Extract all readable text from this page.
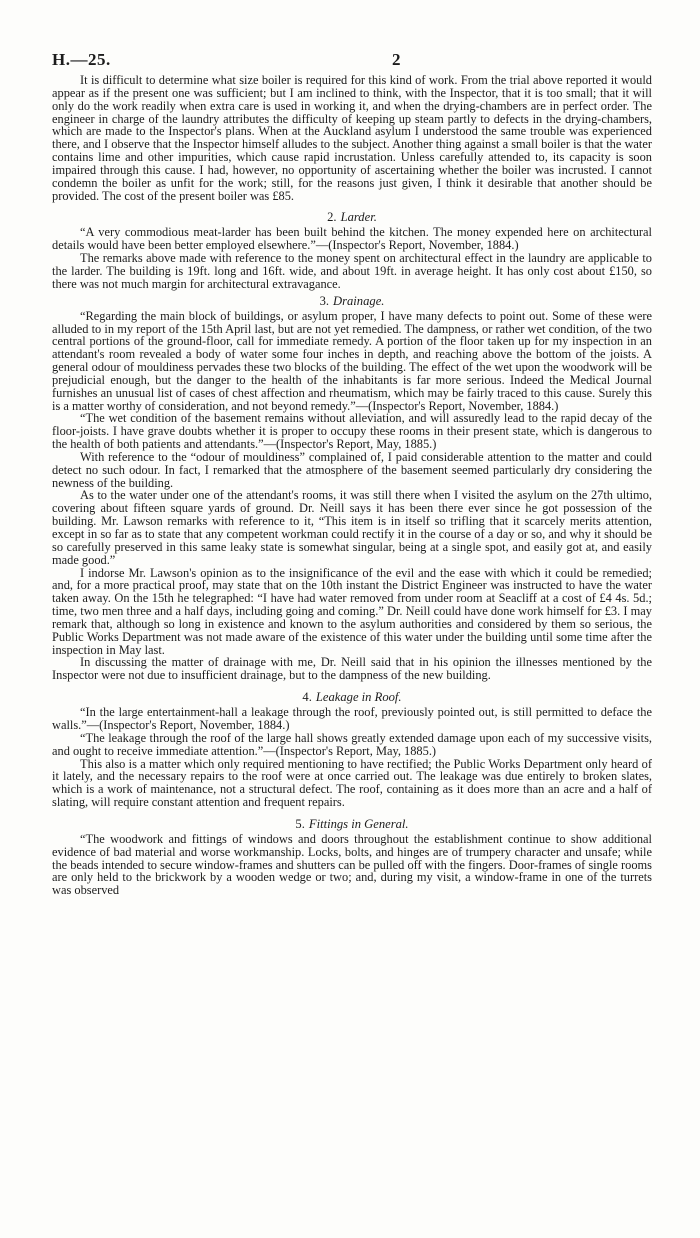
H.—25.	2

It is difficult to determine what size boiler is required for this kind of work. From the trial above reported it would appear as if the present one was sufficient; but I am inclined to think, with the Inspector, that it is too small; that it will only do the work readily when extra care is used in working it, and when the drying-chambers are in perfect order. The engineer in charge of the laundry attributes the difficulty of keeping up steam partly to defects in the drying-chambers, which are made to the Inspector's plans. When at the Auckland asylum I understood the same trouble was experienced there, and I observe that the Inspector himself alludes to the subject. Another thing against a small boiler is that the water contains lime and other impurities, which cause rapid incrustation. Unless carefully attended to, its capacity is soon impaired through this cause. I had, however, no opportunity of ascertaining whether the boiler was incrusted. I cannot condemn the boiler as unfit for the work; still, for the reasons just given, I think it desirable that another should be provided. The cost of the present boiler was £85.

2. Larder.

“A very commodious meat-larder has been built behind the kitchen. The money expended here on architectural details would have been better employed elsewhere.”—(Inspector's Report, November, 1884.)

The remarks above made with reference to the money spent on architectural effect in the laundry are applicable to the larder. The building is 19ft. long and 16ft. wide, and about 19ft. in average height. It has only cost about £150, so there was not much margin for architectural extravagance.

3. Drainage.

“Regarding the main block of buildings, or asylum proper, I have many defects to point out. Some of these were alluded to in my report of the 15th April last, but are not yet remedied. The dampness, or rather wet condition, of the two central portions of the ground-floor, call for immediate remedy. A portion of the floor taken up for my inspection in an attendant's room revealed a body of water some four inches in depth, and reaching above the bottom of the joists. A general odour of mouldiness pervades these two blocks of the building. The effect of the wet upon the woodwork will be prejudicial enough, but the danger to the health of the inhabitants is far more serious. Indeed the Medical Journal furnishes an unusual list of cases of chest affection and rheumatism, which may be fairly traced to this cause. Surely this is a matter worthy of consideration, and not beyond remedy.”—(Inspector's Report, November, 1884.)

“The wet condition of the basement remains without alleviation, and will assuredly lead to the rapid decay of the floor-joists. I have grave doubts whether it is proper to occupy these rooms in their present state, which is dangerous to the health of both patients and attendants.”—(Inspector's Report, May, 1885.)

With reference to the “odour of mouldiness” complained of, I paid considerable attention to the matter and could detect no such odour. In fact, I remarked that the atmosphere of the basement seemed particularly dry considering the newness of the building.

As to the water under one of the attendant's rooms, it was still there when I visited the asylum on the 27th ultimo, covering about fifteen square yards of ground. Dr. Neill says it has been there ever since he got possession of the building. Mr. Lawson remarks with reference to it, “This item is in itself so trifling that it scarcely merits attention, except in so far as to state that any competent workman could rectify it in the course of a day or so, and why it should be so carefully preserved in this same leaky state is somewhat singular, being at a single spot, and easily got at, and easily made good.”

I indorse Mr. Lawson's opinion as to the insignificance of the evil and the ease with which it could be remedied; and, for a more practical proof, may state that on the 10th instant the District Engineer was instructed to have the water taken away. On the 15th he telegraphed: “I have had water removed from under room at Seacliff at a cost of £4 4s. 5d.; time, two men three and a half days, including going and coming.” Dr. Neill could have done work himself for £3. I may remark that, although so long in existence and known to the asylum authorities and considered by them so serious, the Public Works Department was not made aware of the existence of this water under the building until some time after the inspection in May last.

In discussing the matter of drainage with me, Dr. Neill said that in his opinion the illnesses mentioned by the Inspector were not due to insufficient drainage, but to the dampness of the new building.

4. Leakage in Roof.

“In the large entertainment-hall a leakage through the roof, previously pointed out, is still permitted to deface the walls.”—(Inspector's Report, November, 1884.)

“The leakage through the roof of the large hall shows greatly extended damage upon each of my successive visits, and ought to receive immediate attention.”—(Inspector's Report, May, 1885.)

This also is a matter which only required mentioning to have rectified; the Public Works Department only heard of it lately, and the necessary repairs to the roof were at once carried out. The leakage was due entirely to broken slates, which is a work of maintenance, not a structural defect. The roof, containing as it does more than an acre and a half of slating, will require constant attention and frequent repairs.

5. Fittings in General.

“The woodwork and fittings of windows and doors throughout the establishment continue to show additional evidence of bad material and worse workmanship. Locks, bolts, and hinges are of trumpery character and unsafe; while the beads intended to secure window-frames and shutters can be pulled off with the fingers. Door-frames of single rooms are only held to the brickwork by a wooden wedge or two; and, during my visit, a window-frame in one of the turrets was observed
